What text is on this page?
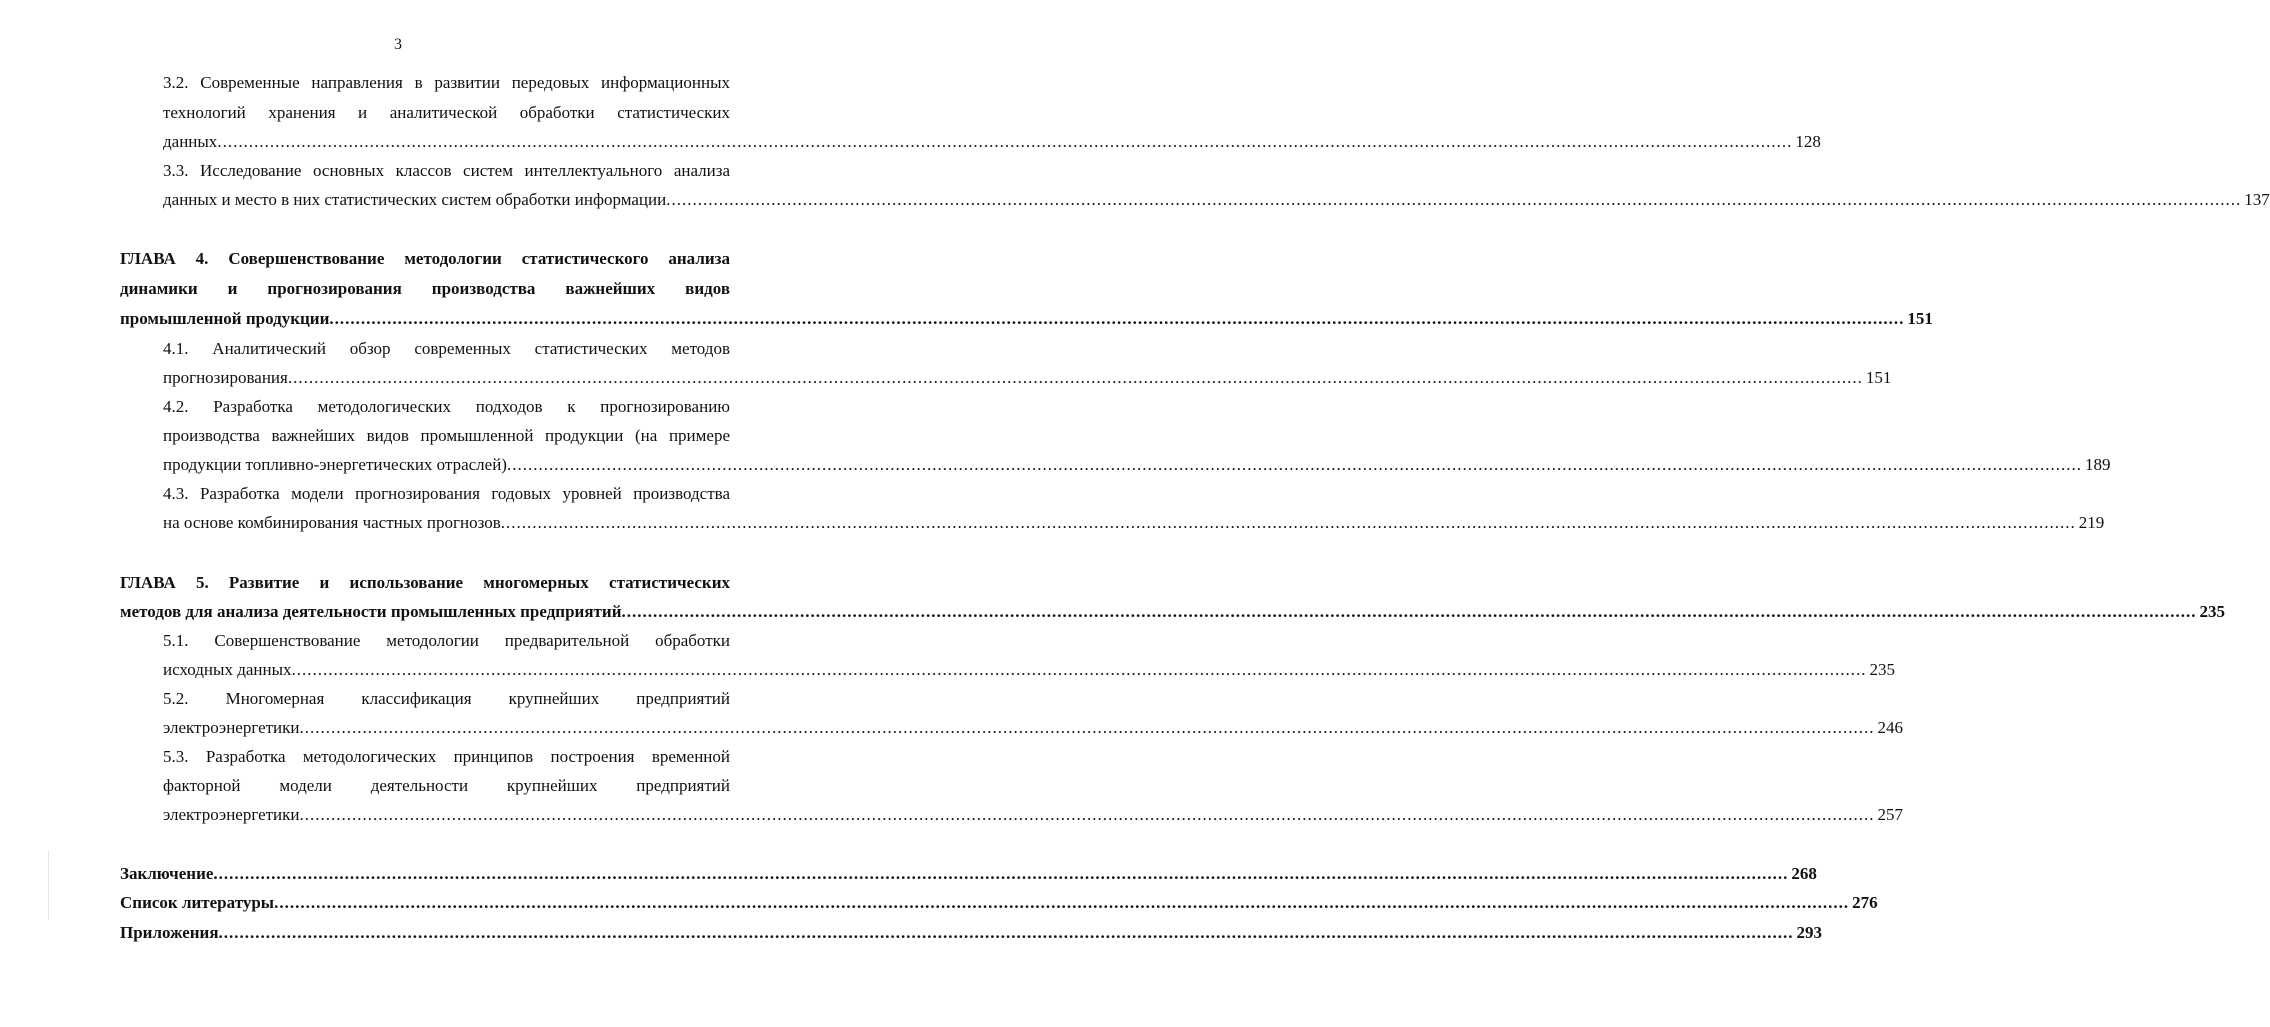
3
3.2. Современные направления в развитии передовых информационных
технологий хранения и аналитической обработки статистических
данных ............................................................................................................................................................................................................................................................................................................ 128
3.3. Исследование основных классов систем интеллектуального анализа
данных и место в них статистических систем обработки информации ............................................................................................................................................................................................................................................................................................................ 137
ГЛАВА 4. Совершенствование методологии статистического анализа
динамики и прогнозирования производства важнейших видов
промышленной продукции ............................................................................................................................................................................................................................................................................................................ 151
4.1. Аналитический обзор современных статистических методов
прогнозирования ............................................................................................................................................................................................................................................................................................................ 151
4.2. Разработка методологических подходов к прогнозированию
производства важнейших видов промышленной продукции (на примере
продукции топливно-энергетических отраслей) ............................................................................................................................................................................................................................................................................................................ 189
4.3. Разработка модели прогнозирования годовых уровней производства
на основе комбинирования частных прогнозов ............................................................................................................................................................................................................................................................................................................ 219
ГЛАВА 5. Развитие и использование многомерных статистических
методов для анализа деятельности промышленных предприятий ............................................................................................................................................................................................................................................................................................................ 235
5.1. Совершенствование методологии предварительной обработки
исходных данных ............................................................................................................................................................................................................................................................................................................ 235
5.2. Многомерная классификация крупнейших предприятий
электроэнергетики ............................................................................................................................................................................................................................................................................................................ 246
5.3. Разработка методологических принципов построения временной
факторной модели деятельности крупнейших предприятий
электроэнергетики ............................................................................................................................................................................................................................................................................................................ 257
Заключение ............................................................................................................................................................................................................................................................................................................ 268
Список литературы ............................................................................................................................................................................................................................................................................................................ 276
Приложения ............................................................................................................................................................................................................................................................................................................ 293
